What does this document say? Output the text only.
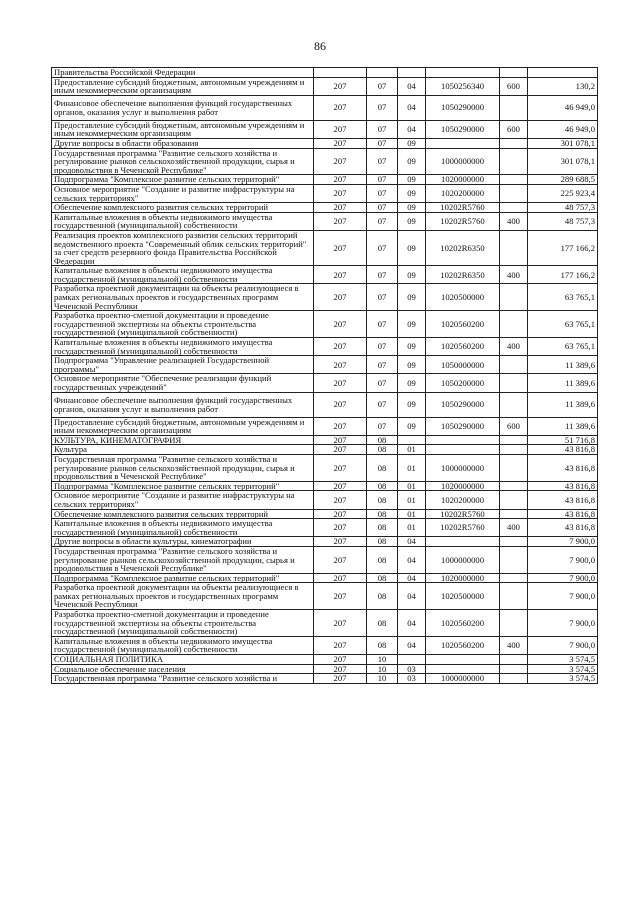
86
Правительства Российской Федерации						
Предоставление субсидий бюджетным, автономным учреждениям и иным некоммерческим организациям	207	07	04	1050256340	600	130,2
Финансовое обеспечение выполнения функций государственных органов, оказания услуг и выполнения работ	207	07	04	1050290000		46 949,0
Предоставление субсидий бюджетным, автономным учреждениям и иным некоммерческим организациям	207	07	04	1050290000	600	46 949,0
Другие вопросы в области образования	207	07	09			301 078,1
Государственная программа "Развитие сельского хозяйства и регулирование рынков сельскохозяйственной продукции, сырья и продовольствия в Чеченской Республике"	207	07	09	1000000000		301 078,1
Подпрограмма "Комплексное развитие сельских территорий"	207	07	09	1020000000		289 688,5
Основное мероприятие "Создание и развитие инфраструктуры на сельских территориях"	207	07	09	1020200000		225 923,4
Обеспечение комплексного развития сельских территорий	207	07	09	10202R5760		48 757,3
Капитальные вложения в объекты недвижимого имущества государственной (муниципальной) собственности	207	07	09	10202R5760	400	48 757,3
Реализация проектов комплексного развития сельских территорий ведомственного проекта "Современный облик сельских территорий" за счет средств резервного фонда Правительства Российской Федерации	207	07	09	10202R6350		177 166,2
Капитальные вложения в объекты недвижимого имущества государственной (муниципальной) собственности	207	07	09	10202R6350	400	177 166,2
Разработка проектной документации на объекты реализующиеся в рамках региональных проектов и государственных программ Чеченской Республики	207	07	09	1020500000		63 765,1
Разработка проектно-сметной документации и проведение государственной экспертизы на объекты строительства государственной (муниципальной собственности)	207	07	09	1020560200		63 765,1
Капитальные вложения в объекты недвижимого имущества государственной (муниципальной) собственности	207	07	09	1020560200	400	63 765,1
Подпрограмма "Управление реализацией Государственной программы"	207	07	09	1050000000		11 389,6
Основное мероприятие "Обеспечение реализации функций государственных учреждений"	207	07	09	1050200000		11 389,6
Финансовое обеспечение выполнения функций государственных органов, оказания услуг и выполнения работ	207	07	09	1050290000		11 389,6
Предоставление субсидий бюджетным, автономным учреждениям и иным некоммерческим организациям	207	07	09	1050290000	600	11 389,6
КУЛЬТУРА, КИНЕМАТОГРАФИЯ	207	08				51 716,8
Культура	207	08	01			43 816,8
Государственная программа "Развитие сельского хозяйства и регулирование рынков сельскохозяйственной продукции, сырья и продовольствия в Чеченской Республике"	207	08	01	1000000000		43 816,8
Подпрограмма "Комплексное развитие сельских территорий"	207	08	01	1020000000		43 816,8
Основное мероприятие "Создание и развитие инфраструктуры на сельских территориях"	207	08	01	1020200000		43 816,8
Обеспечение комплексного развития сельских территорий	207	08	01	10202R5760		43 816,8
Капитальные вложения в объекты недвижимого имущества государственной (муниципальной) собственности	207	08	01	10202R5760	400	43 816,8
Другие вопросы в области культуры, кинематографии	207	08	04			7 900,0
Государственная программа "Развитие сельского хозяйства и регулирование рынков сельскохозяйственной продукции, сырья и продовольствия в Чеченской Республике"	207	08	04	1000000000		7 900,0
Подпрограмма "Комплексное развитие сельских территорий"	207	08	04	1020000000		7 900,0
Разработка проектной документации на объекты реализующиеся в рамках региональных проектов и государственных программ Чеченской Республики	207	08	04	1020500000		7 900,0
Разработка проектно-сметной документации и проведение государственной экспертизы на объекты строительства государственной (муниципальной собственности)	207	08	04	1020560200		7 900,0
Капитальные вложения в объекты недвижимого имущества государственной (муниципальной) собственности	207	08	04	1020560200	400	7 900,0
СОЦИАЛЬНАЯ ПОЛИТИКА	207	10				3 574,5
Социальное обеспечение населения	207	10	03			3 574,5
Государственная программа "Развитие сельского хозяйства и	207	10	03	1000000000		3 574,5
